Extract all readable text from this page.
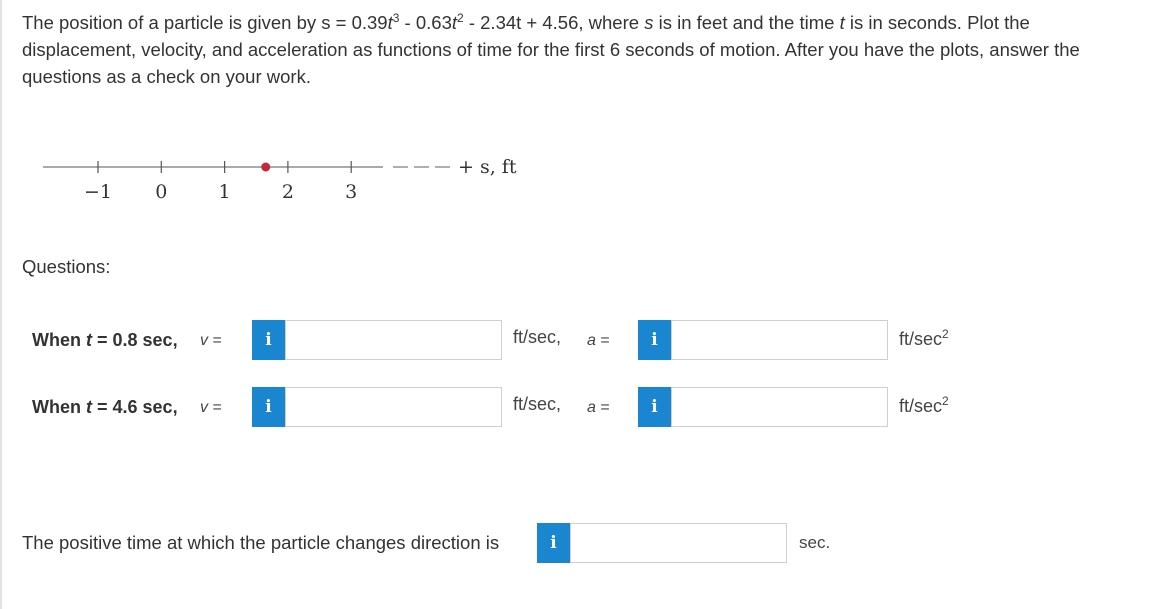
The position of a particle is given by $s = 0.39t^3 - 0.63t^2 - 2.34t + 4.56$, where s is in feet and the time t is in seconds. Plot the displacement, velocity, and acceleration as functions of time for the first 6 seconds of motion. After you have the plots, answer the questions as a check on your work.
+ s, ft
−1 0	1	2	3
Questions:
When t = 0.8 sec, v =	i	ft/sec, a =	i	$ft/\sec^2$
When t = 4.6 sec, v =	i	ft/sec, a =	i	$ft/\sec^2$
The positive time at which the particle changes direction is	i	sec.
